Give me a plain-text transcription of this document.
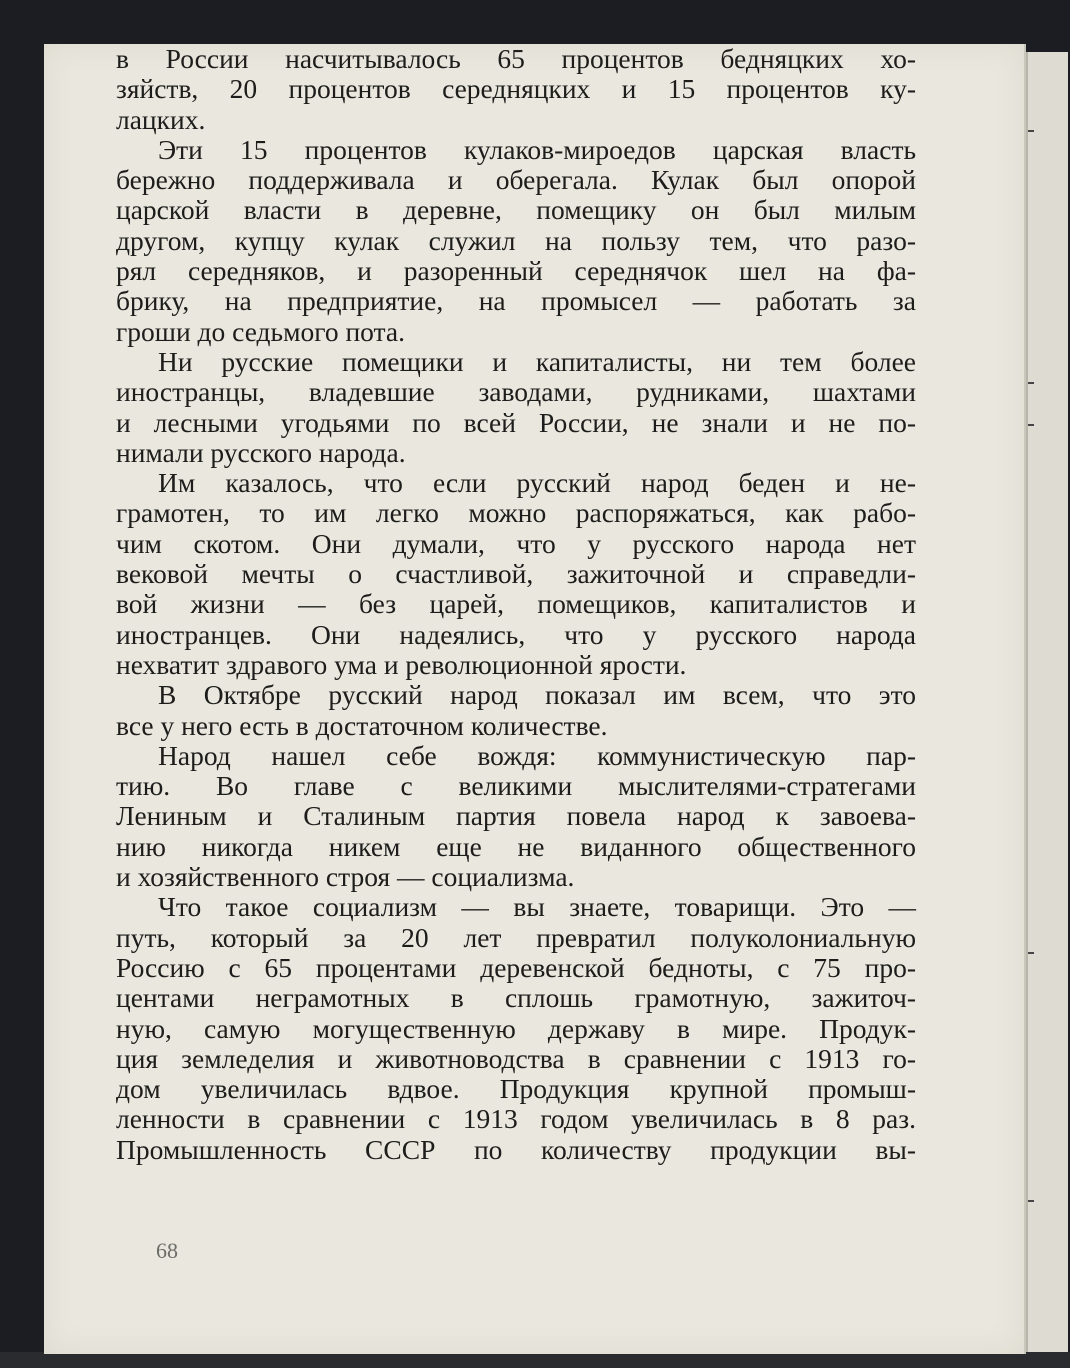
в России насчитывалось 65 процентов бедняцких хо-
зяйств, 20 процентов середняцких и 15 процентов ку-
лацких.
Эти 15 процентов кулаков-мироедов царская власть
бережно поддерживала и оберегала. Кулак был опорой
царской власти в деревне, помещику он был милым
другом, купцу кулак служил на пользу тем, что разо-
рял середняков, и разоренный середнячок шел на фа-
брику, на предприятие, на промысел — работать за
гроши до седьмого пота.
Ни русские помещики и капиталисты, ни тем более
иностранцы, владевшие заводами, рудниками, шахтами
и лесными угодьями по всей России, не знали и не по-
нимали русского народа.
Им казалось, что если русский народ беден и не-
грамотен, то им легко можно распоряжаться, как рабо-
чим скотом. Они думали, что у русского народа нет
вековой мечты о счастливой, зажиточной и справедли-
вой жизни — без царей, помещиков, капиталистов и
иностранцев. Они надеялись, что у русского народа
нехватит здравого ума и революционной ярости.
В Октябре русский народ показал им всем, что это
все у него есть в достаточном количестве.
Народ нашел себе вождя: коммунистическую пар-
тию. Во главе с великими мыслителями-стратегами
Лениным и Сталиным партия повела народ к завоева-
нию никогда никем еще не виданного общественного
и хозяйственного строя — социализма.
Что такое социализм — вы знаете, товарищи. Это —
путь, который за 20 лет превратил полуколониальную
Россию с 65 процентами деревенской бедноты, с 75 про-
центами неграмотных в сплошь грамотную, зажиточ-
ную, самую могущественную державу в мире. Продук-
ция земледелия и животноводства в сравнении с 1913 го-
дом увеличилась вдвое. Продукция крупной промыш-
ленности в сравнении с 1913 годом увеличилась в 8 раз.
Промышленность СССР по количеству продукции вы-
68
